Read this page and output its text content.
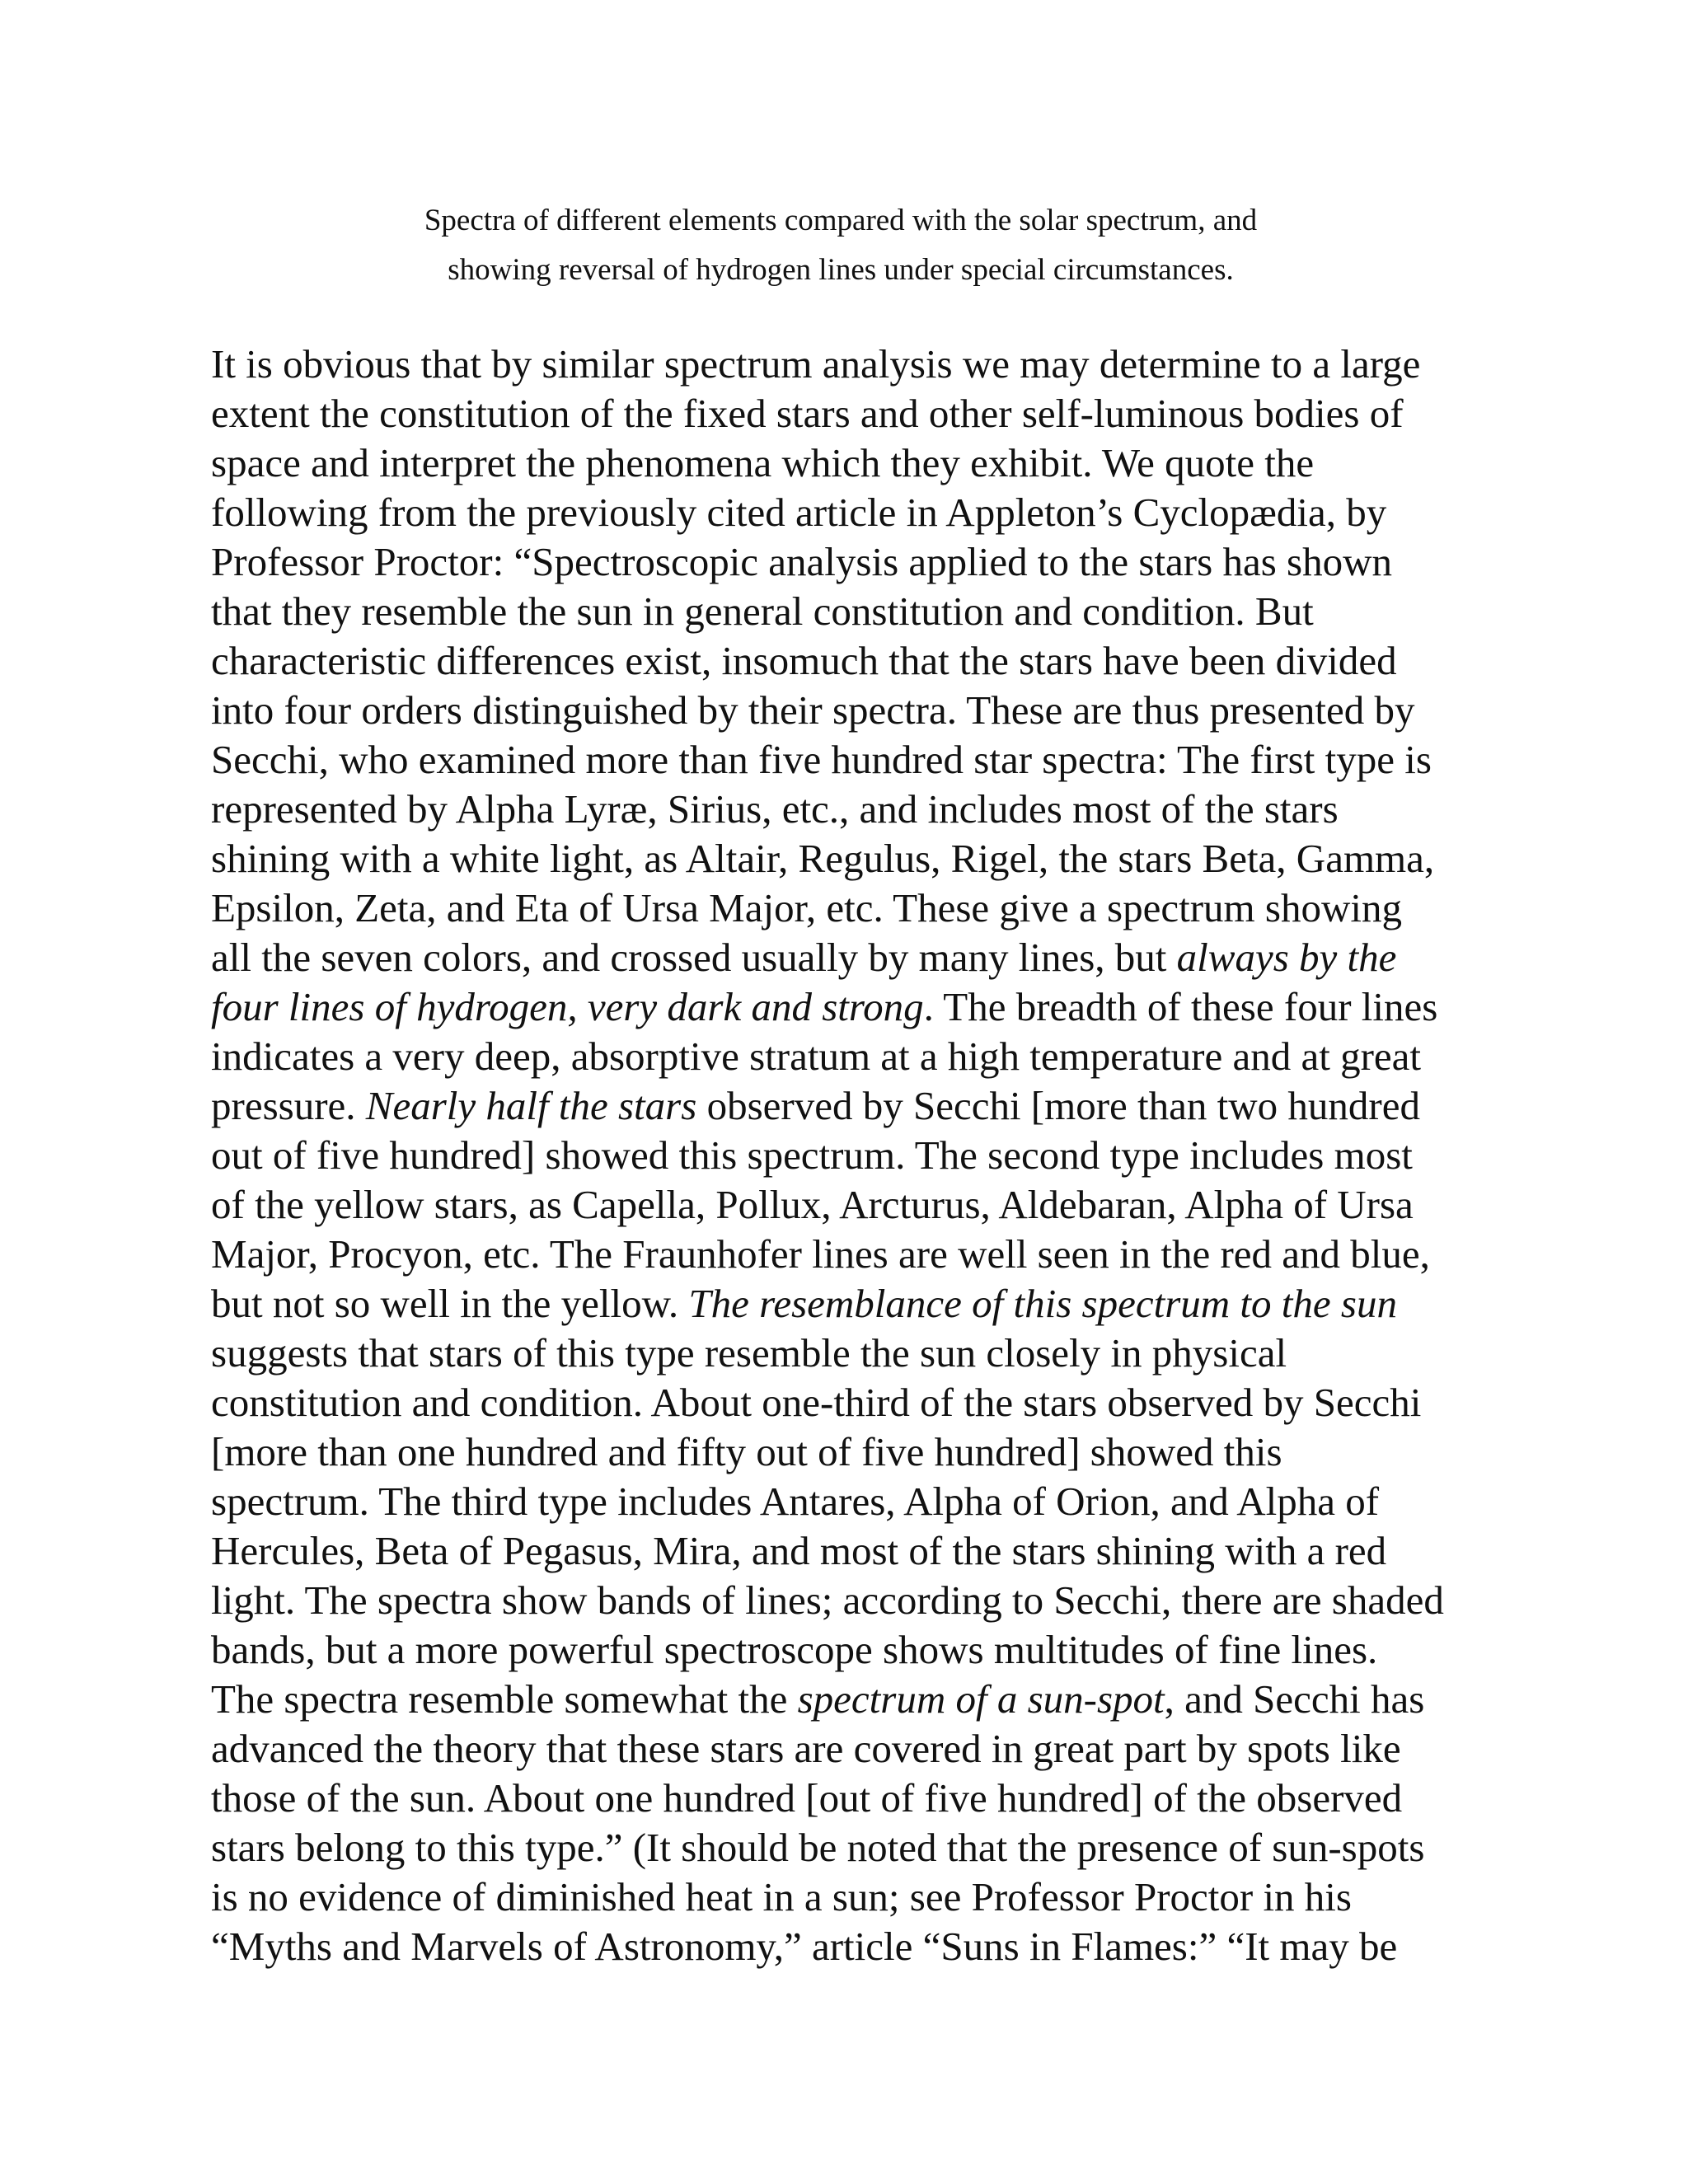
Spectra of different elements compared with the solar spectrum, and
showing reversal of hydrogen lines under special circumstances.
It is obvious that by similar spectrum analysis we may determine to a large
extent the constitution of the fixed stars and other self-luminous bodies of
space and interpret the phenomena which they exhibit. We quote the
following from the previously cited article in Appleton’s Cyclopædia, by
Professor Proctor: “Spectroscopic analysis applied to the stars has shown
that they resemble the sun in general constitution and condition. But
characteristic differences exist, insomuch that the stars have been divided
into four orders distinguished by their spectra. These are thus presented by
Secchi, who examined more than five hundred star spectra: The first type is
represented by Alpha Lyræ, Sirius, etc., and includes most of the stars
shining with a white light, as Altair, Regulus, Rigel, the stars Beta, Gamma,
Epsilon, Zeta, and Eta of Ursa Major, etc. These give a spectrum showing
all the seven colors, and crossed usually by many lines, but always by the
four lines of hydrogen, very dark and strong. The breadth of these four lines
indicates a very deep, absorptive stratum at a high temperature and at great
pressure. Nearly half the stars observed by Secchi [more than two hundred
out of five hundred] showed this spectrum. The second type includes most
of the yellow stars, as Capella, Pollux, Arcturus, Aldebaran, Alpha of Ursa
Major, Procyon, etc. The Fraunhofer lines are well seen in the red and blue,
but not so well in the yellow. The resemblance of this spectrum to the sun
suggests that stars of this type resemble the sun closely in physical
constitution and condition. About one-third of the stars observed by Secchi
[more than one hundred and fifty out of five hundred] showed this
spectrum. The third type includes Antares, Alpha of Orion, and Alpha of
Hercules, Beta of Pegasus, Mira, and most of the stars shining with a red
light. The spectra show bands of lines; according to Secchi, there are shaded
bands, but a more powerful spectroscope shows multitudes of fine lines.
The spectra resemble somewhat the spectrum of a sun-spot, and Secchi has
advanced the theory that these stars are covered in great part by spots like
those of the sun. About one hundred [out of five hundred] of the observed
stars belong to this type.” (It should be noted that the presence of sun-spots
is no evidence of diminished heat in a sun; see Professor Proctor in his
“Myths and Marvels of Astronomy,” article “Suns in Flames:” “It may be
